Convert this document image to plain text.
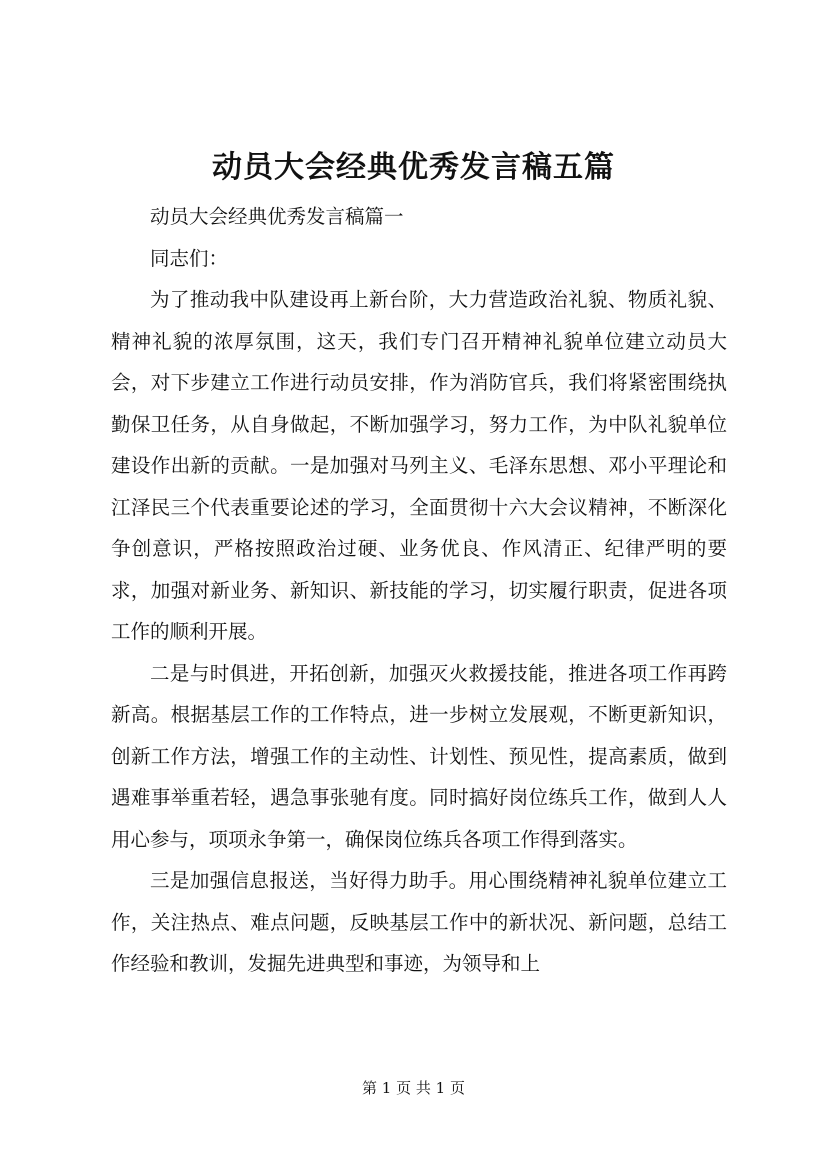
动员大会经典优秀发言稿五篇

动员大会经典优秀发言稿篇一

同志们：

为了推动我中队建设再上新台阶，大力营造政治礼貌、物质礼貌、精神礼貌的浓厚氛围，这天，我们专门召开精神礼貌单位建立动员大会，对下步建立工作进行动员安排，作为消防官兵，我们将紧密围绕执勤保卫任务，从自身做起，不断加强学习，努力工作，为中队礼貌单位建设作出新的贡献。一是加强对马列主义、毛泽东思想、邓小平理论和江泽民三个代表重要论述的学习，全面贯彻十六大会议精神，不断深化争创意识，严格按照政治过硬、业务优良、作风清正、纪律严明的要求，加强对新业务、新知识、新技能的学习，切实履行职责，促进各项工作的顺利开展。

二是与时俱进，开拓创新，加强灭火救援技能，推进各项工作再跨新高。根据基层工作的工作特点，进一步树立发展观，不断更新知识，创新工作方法，增强工作的主动性、计划性、预见性，提高素质，做到遇难事举重若轻，遇急事张驰有度。同时搞好岗位练兵工作，做到人人用心参与，项项永争第一，确保岗位练兵各项工作得到落实。

三是加强信息报送，当好得力助手。用心围绕精神礼貌单位建立工作，关注热点、难点问题，反映基层工作中的新状况、新问题，总结工作经验和教训，发掘先进典型和事迹，为领导和上

第 1 页 共 1 页
